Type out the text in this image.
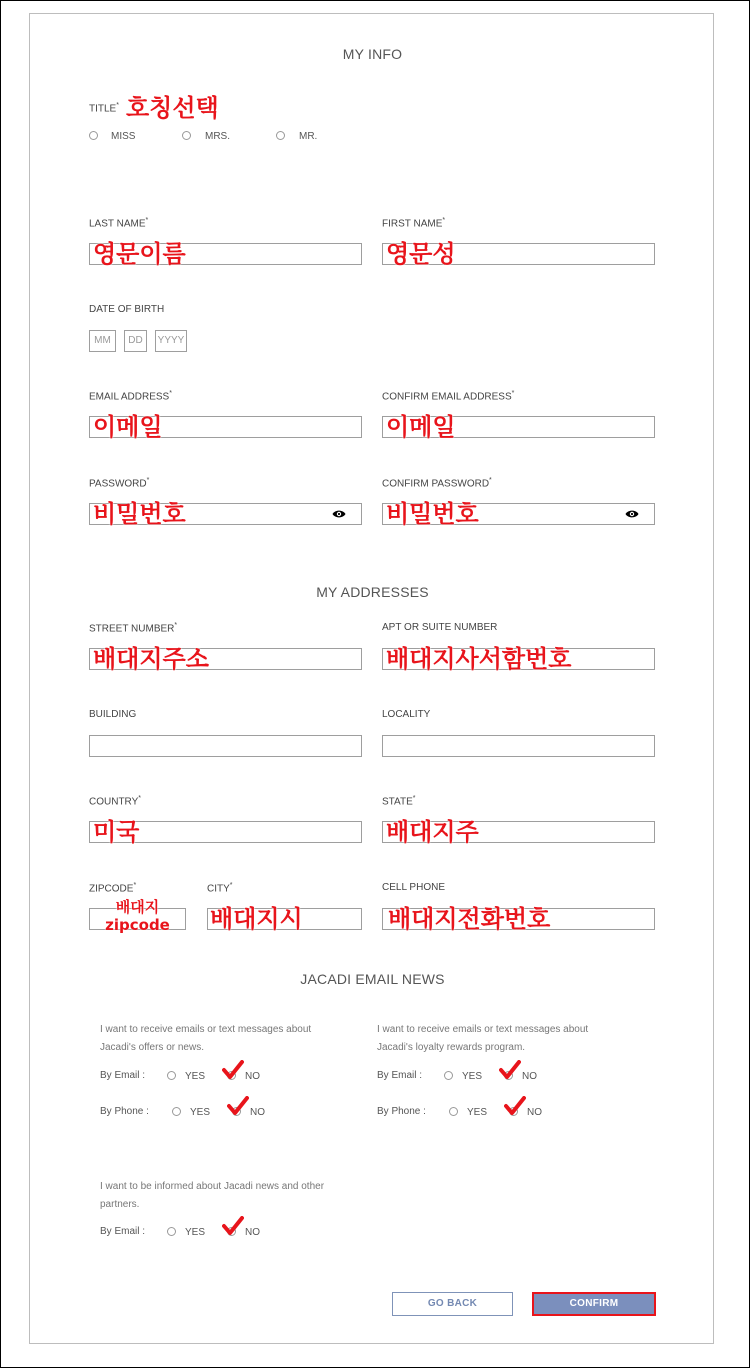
MY INFO
TITLE* 호칭선택
MISS	MRS.	MR.
LAST NAME*
영문이름
FIRST NAME*
영문성
DATE OF BIRTH
MM	DD	YYYY
EMAIL ADDRESS*
이메일
CONFIRM EMAIL ADDRESS*
이메일
PASSWORD*
비밀번호
CONFIRM PASSWORD*
비밀번호
MY ADDRESSES
STREET NUMBER*
배대지주소
APT OR SUITE NUMBER
배대지사서함번호
BUILDING	LOCALITY
COUNTRY*
미국
STATE*
배대지주
ZIPCODE*
배대지
zipcode
CITY*
배대지시
CELL PHONE
배대지전화번호
JACADI EMAIL NEWS
I want to receive emails or text messages about Jacadi's offers or news.
By Email :	YES	NO
By Phone :	YES	NO
I want to receive emails or text messages about Jacadi's loyalty rewards program.
By Email :	YES	NO
By Phone :	YES	NO
I want to be informed about Jacadi news and other partners.
By Email :	YES	NO
GO BACK	CONFIRM
